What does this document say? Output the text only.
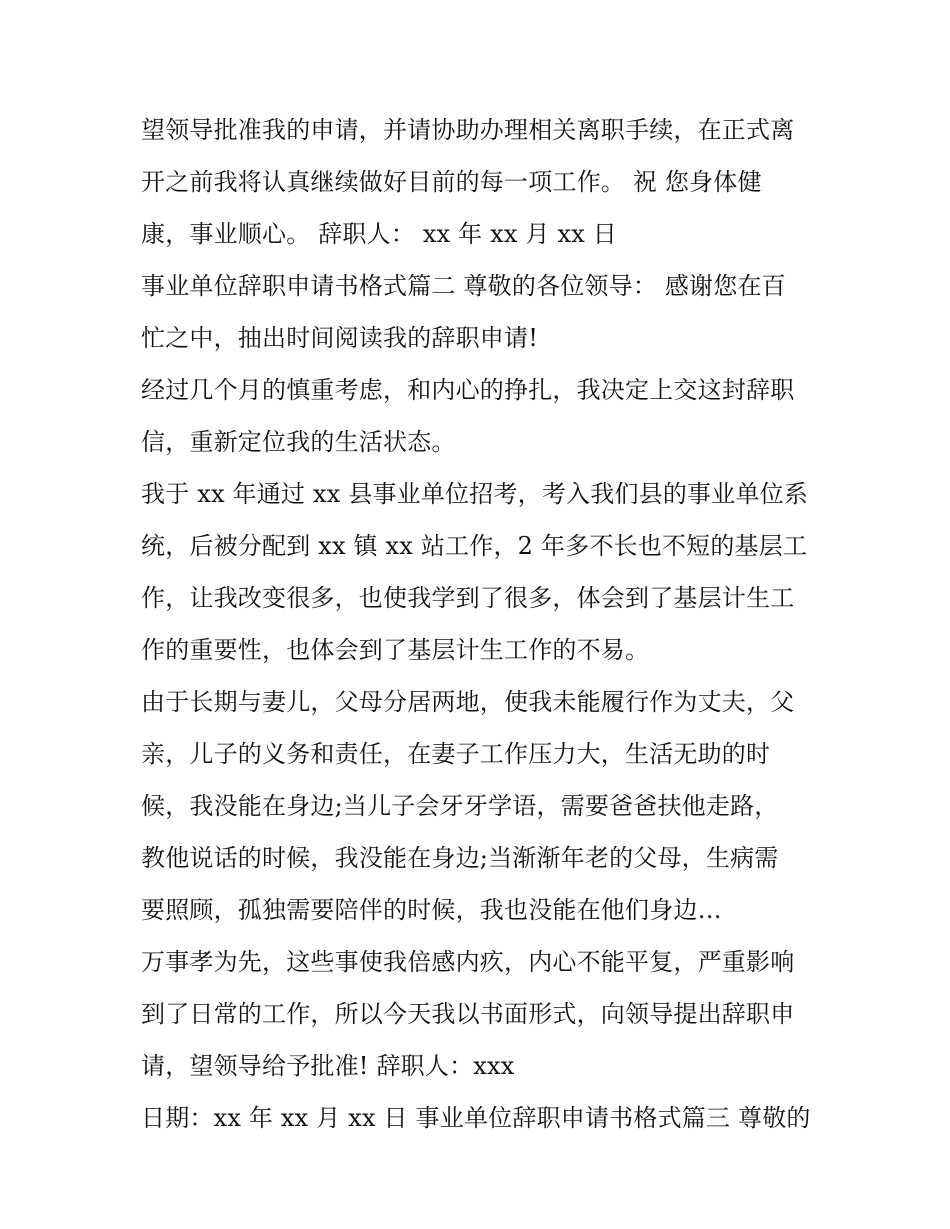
望领导批准我的申请，并请协助办理相关离职手续，在正式离
开之前我将认真继续做好目前的每一项工作。 祝 您身体健
康，事业顺心。 辞职人： xx 年 xx 月 xx 日
事业单位辞职申请书格式篇二 尊敬的各位领导： 感谢您在百
忙之中，抽出时间阅读我的辞职申请!
经过几个月的慎重考虑，和内心的挣扎，我决定上交这封辞职
信，重新定位我的生活状态。
我于 xx 年通过 xx 县事业单位招考，考入我们县的事业单位系
统，后被分配到 xx 镇 xx 站工作，2 年多不长也不短的基层工
作，让我改变很多，也使我学到了很多，体会到了基层计生工
作的重要性，也体会到了基层计生工作的不易。
由于长期与妻儿，父母分居两地，使我未能履行作为丈夫，父
亲，儿子的义务和责任，在妻子工作压力大，生活无助的时
候，我没能在身边;当儿子会牙牙学语，需要爸爸扶他走路，
教他说话的时候，我没能在身边;当渐渐年老的父母，生病需
要照顾，孤独需要陪伴的时候，我也没能在他们身边…
万事孝为先，这些事使我倍感内疚，内心不能平复，严重影响
到了日常的工作，所以今天我以书面形式，向领导提出辞职申
请，望领导给予批准! 辞职人：xxx
日期：xx 年 xx 月 xx 日 事业单位辞职申请书格式篇三 尊敬的
